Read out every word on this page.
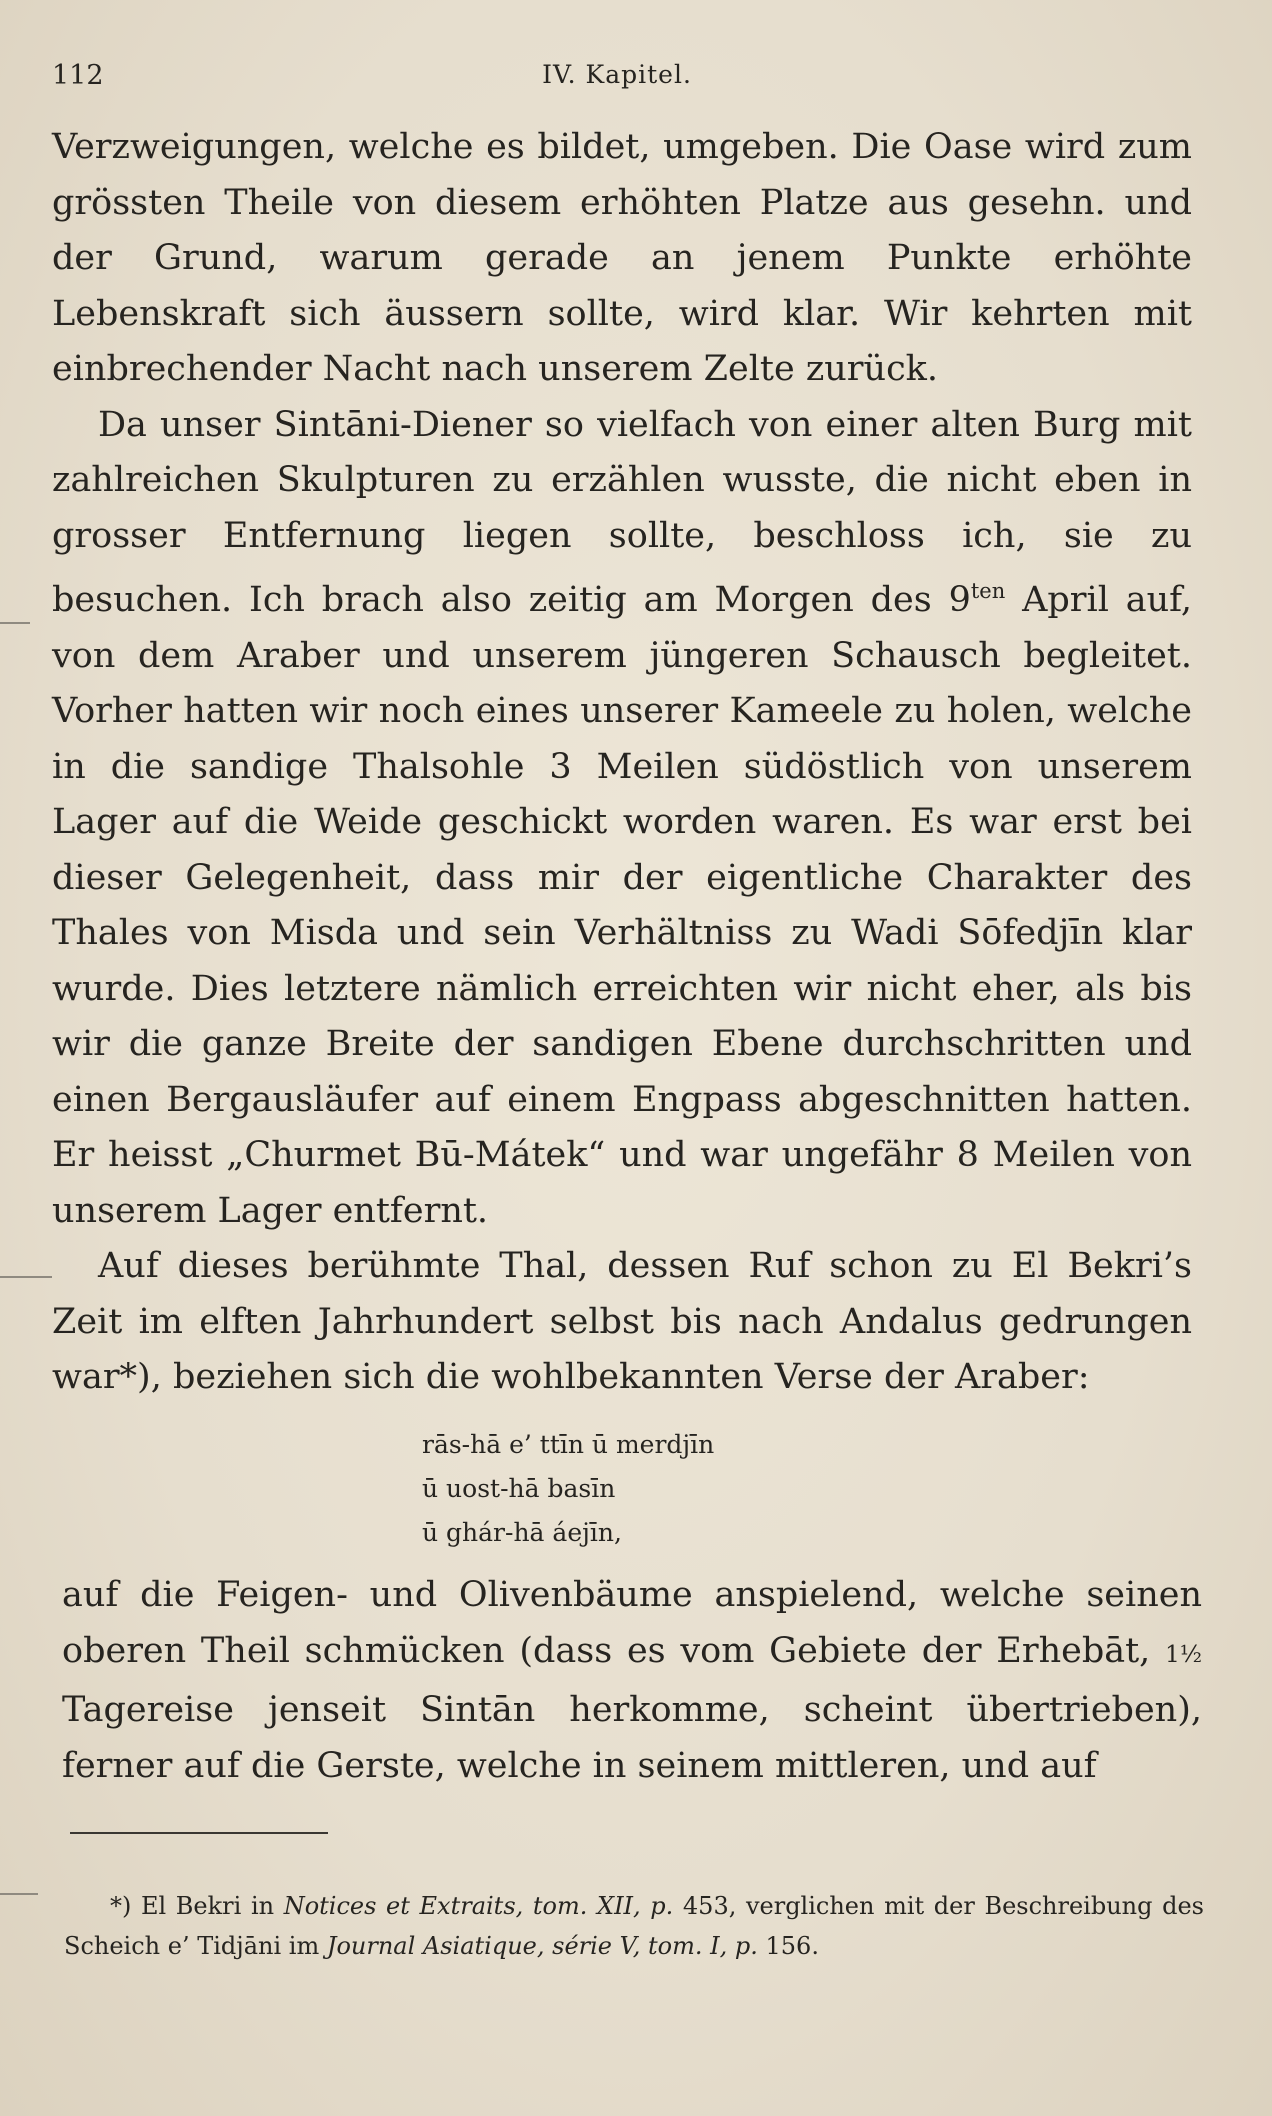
112	IV. Kapitel.

Verzweigungen, welche es bildet, umgeben. Die Oase wird zum grössten Theile von diesem erhöhten Platze aus gesehn. und der Grund, warum gerade an jenem Punkte erhöhte Lebenskraft sich äussern sollte, wird klar. Wir kehrten mit einbrechender Nacht nach unserem Zelte zurück.

Da unser Sintāni-Diener so vielfach von einer alten Burg mit zahlreichen Skulpturen zu erzählen wusste, die nicht eben in grosser Entfernung liegen sollte, beschloss ich, sie zu besuchen. Ich brach also zeitig am Morgen des $9^{ten}$ April auf, von dem Araber und unserem jüngeren Schausch begleitet. Vorher hatten wir noch eines unserer Kameele zu holen, welche in die sandige Thalsohle 3 Meilen südöstlich von unserem Lager auf die Weide geschickt worden waren. Es war erst bei dieser Gelegenheit, dass mir der eigentliche Charakter des Thales von Misda und sein Verhältniss zu Wadi Sōfedjīn klar wurde. Dies letztere nämlich erreichten wir nicht eher, als bis wir die ganze Breite der sandigen Ebene durchschritten und einen Bergausläufer auf einem Engpass abgeschnitten hatten. Er heisst „Churmet Bū-Mátek“ und war ungefähr 8 Meilen von unserem Lager entfernt.

Auf dieses berühmte Thal, dessen Ruf schon zu El Bekri’s Zeit im elften Jahrhundert selbst bis nach Andalus gedrungen war*), beziehen sich die wohlbekannten Verse der Araber:

rās-hā e’ ttīn ū merdjīn
ū uost-hā basīn
ū ghár-hā áejīn,

auf die Feigen- und Olivenbäume anspielend, welche seinen oberen Theil schmücken (dass es vom Gebiete der Erhebāt, 1½ Tagereise jenseit Sintān herkomme, scheint übertrieben), ferner auf die Gerste, welche in seinem mittleren, und auf

*) El Bekri in Notices et Extraits, tom. XII, p. 453, verglichen mit der Beschreibung des Scheich e’ Tidjāni im Journal Asiatique, série V, tom. I, p. 156.
